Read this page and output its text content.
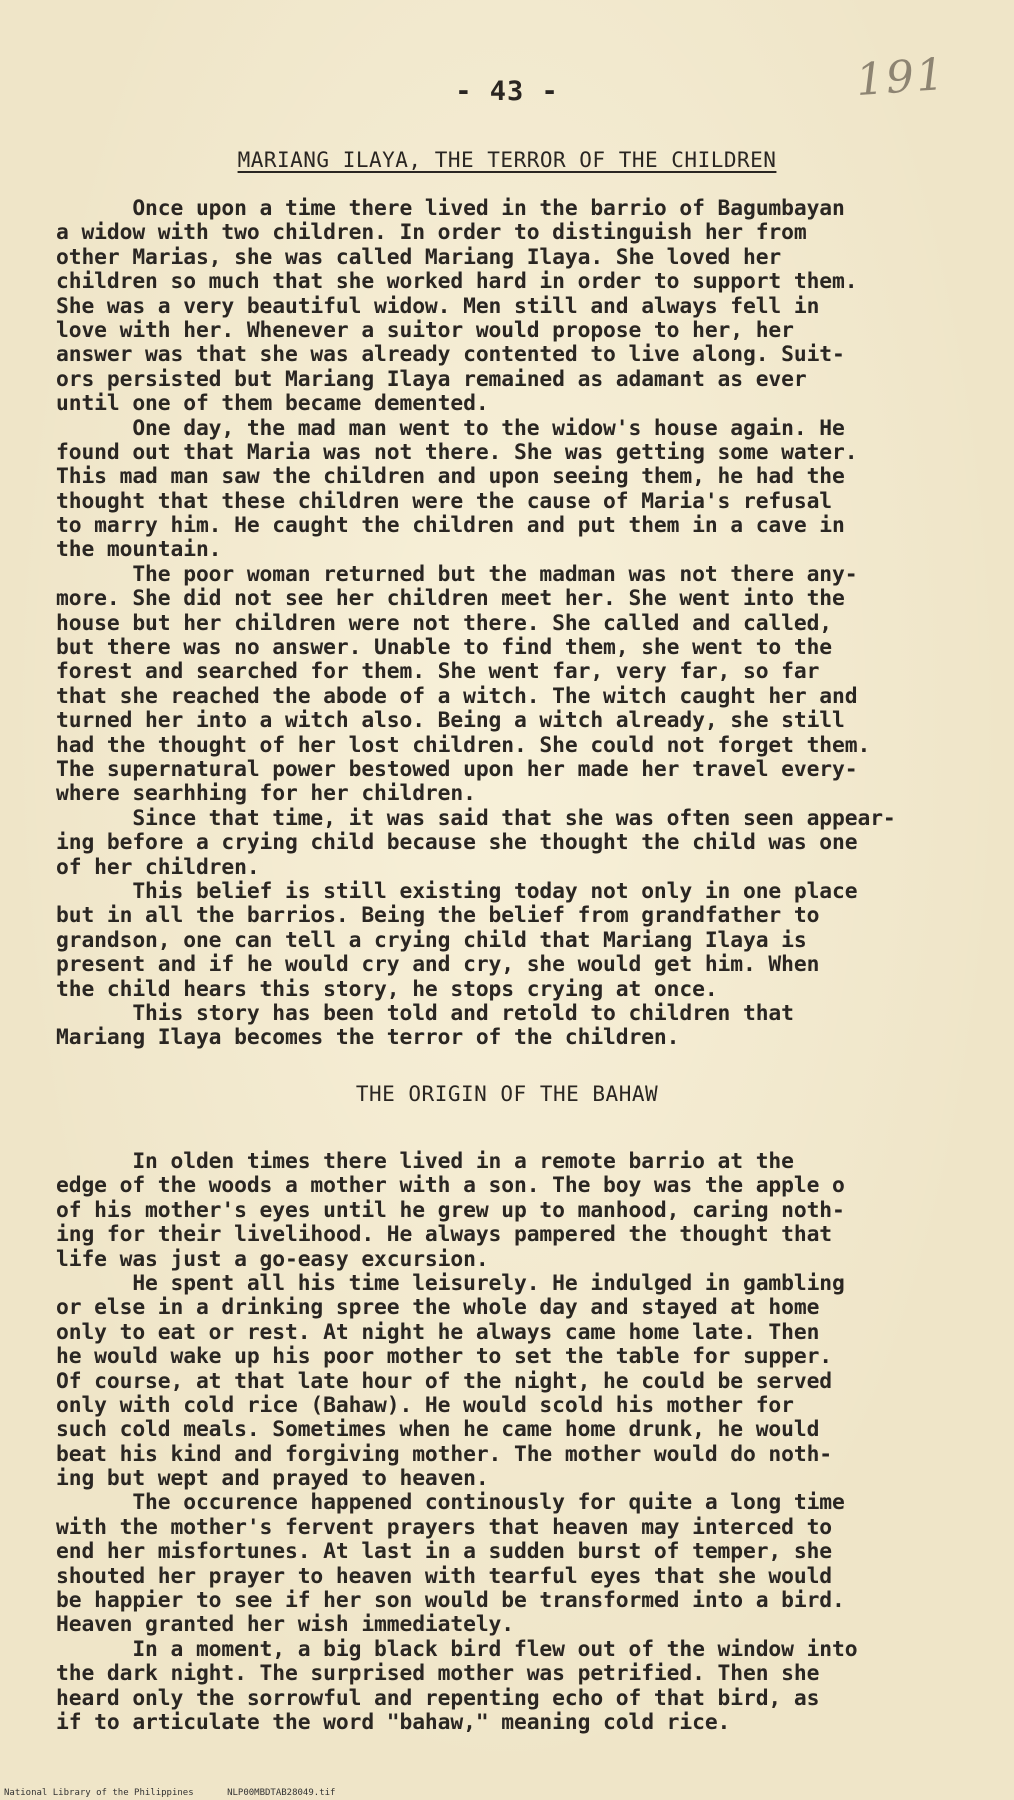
191
- 43 -
MARIANG ILAYA, THE TERROR OF THE CHILDREN
Once upon a time there lived in the barrio of Bagumbayan
a widow with two children. In order to distinguish her from
other Marias, she was called Mariang Ilaya. She loved her
children so much that she worked hard in order to support them.
She was a very beautiful widow. Men still and always fell in
love with her. Whenever a suitor would propose to her, her
answer was that she was already contented to live along. Suit-
ors persisted but Mariang Ilaya remained as adamant as ever
until one of them became demented.
One day, the mad man went to the widow's house again. He
found out that Maria was not there. She was getting some water.
This mad man saw the children and upon seeing them, he had the
thought that these children were the cause of Maria's refusal
to marry him. He caught the children and put them in a cave in
the mountain.
The poor woman returned but the madman was not there any-
more. She did not see her children meet her. She went into the
house but her children were not there. She called and called,
but there was no answer. Unable to find them, she went to the
forest and searched for them. She went far, very far, so far
that she reached the abode of a witch. The witch caught her and
turned her into a witch also. Being a witch already, she still
had the thought of her lost children. She could not forget them.
The supernatural power bestowed upon her made her travel every-
where searhhing for her children.
Since that time, it was said that she was often seen appear-
ing before a crying child because she thought the child was one
of her children.
This belief is still existing today not only in one place
but in all the barrios. Being the belief from grandfather to
grandson, one can tell a crying child that Mariang Ilaya is
present and if he would cry and cry, she would get him. When
the child hears this story, he stops crying at once.
This story has been told and retold to children that
Mariang Ilaya becomes the terror of the children.
THE ORIGIN OF THE BAHAW
In olden times there lived in a remote barrio at the
edge of the woods a mother with a son. The boy was the apple o
of his mother's eyes until he grew up to manhood, caring noth-
ing for their livelihood. He always pampered the thought that
life was just a go-easy excursion.
He spent all his time leisurely. He indulged in gambling
or else in a drinking spree the whole day and stayed at home
only to eat or rest. At night he always came home late. Then
he would wake up his poor mother to set the table for supper.
Of course, at that late hour of the night, he could be served
only with cold rice (Bahaw). He would scold his mother for
such cold meals. Sometimes when he came home drunk, he would
beat his kind and forgiving mother. The mother would do noth-
ing but wept and prayed to heaven.
The occurence happened continously for quite a long time
with the mother's fervent prayers that heaven may interced to
end her misfortunes. At last in a sudden burst of temper, she
shouted her prayer to heaven with tearful eyes that she would
be happier to see if her son would be transformed into a bird.
Heaven granted her wish immediately.
In a moment, a big black bird flew out of the window into
the dark night. The surprised mother was petrified. Then she
heard only the sorrowful and repenting echo of that bird, as
if to articulate the word "bahaw," meaning cold rice.
National Library of the Philippines	NLP00MBDTAB28049.tif
